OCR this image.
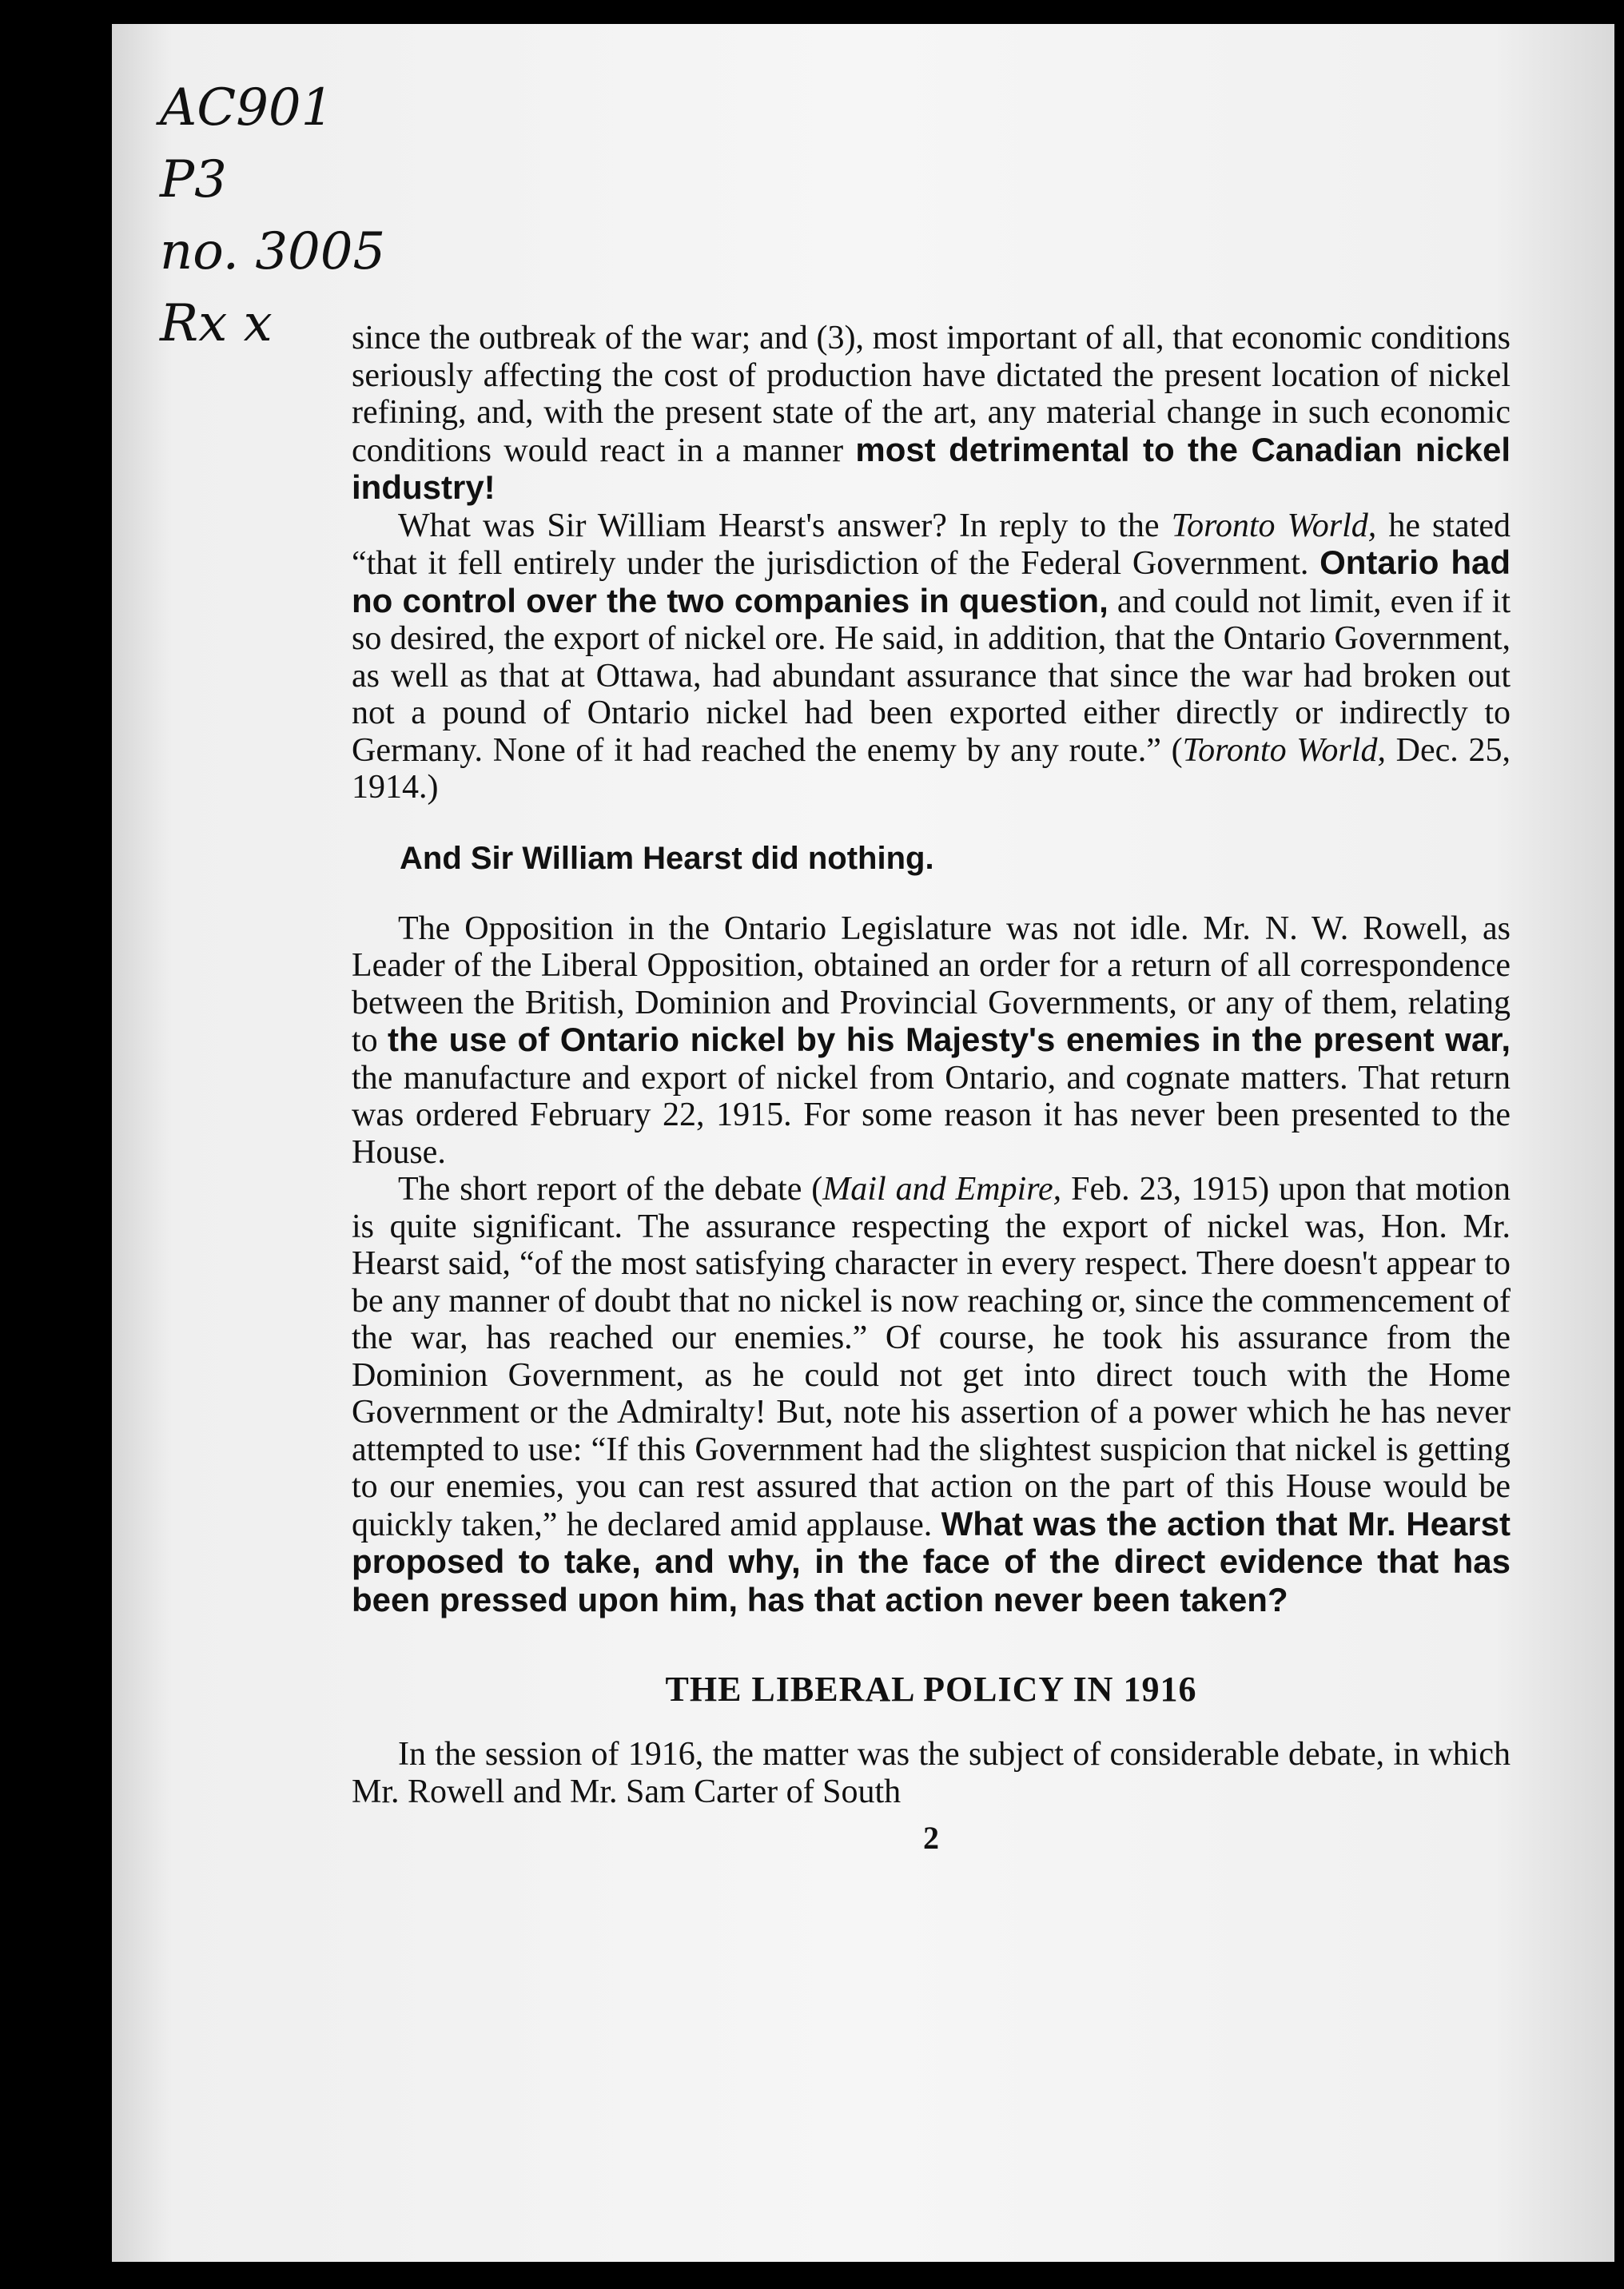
AC901
P3
no. 3005
Rx x	since the outbreak of the war; and (3), most important of all, that economic conditions seriously affecting the cost of production have dictated the present location of nickel refining, and, with the present state of the art, any material change in such economic conditions would react in a manner most detrimental to the Canadian nickel industry!

What was Sir William Hearst's answer? In reply to the Toronto World, he stated “that it fell entirely under the jurisdiction of the Federal Government. Ontario had no control over the two companies in question, and could not limit, even if it so desired, the export of nickel ore. He said, in addition, that the Ontario Government, as well as that at Ottawa, had abundant assurance that since the war had broken out not a pound of Ontario nickel had been exported either directly or indirectly to Germany. None of it had reached the enemy by any route.” (Toronto World, Dec. 25, 1914.)

And Sir William Hearst did nothing.

The Opposition in the Ontario Legislature was not idle. Mr. N. W. Rowell, as Leader of the Liberal Opposition, obtained an order for a return of all correspondence between the British, Dominion and Provincial Governments, or any of them, relating to the use of Ontario nickel by his Majesty's enemies in the present war, the manufacture and export of nickel from Ontario, and cognate matters. That return was ordered February 22, 1915. For some reason it has never been presented to the House.

The short report of the debate (Mail and Empire, Feb. 23, 1915) upon that motion is quite significant. The assurance respecting the export of nickel was, Hon. Mr. Hearst said, “of the most satisfying character in every respect. There doesn't appear to be any manner of doubt that no nickel is now reaching or, since the commencement of the war, has reached our enemies.” Of course, he took his assurance from the Dominion Government, as he could not get into direct touch with the Home Government or the Admiralty! But, note his assertion of a power which he has never attempted to use: “If this Government had the slightest suspicion that nickel is getting to our enemies, you can rest assured that action on the part of this House would be quickly taken,” he declared amid applause. What was the action that Mr. Hearst proposed to take, and why, in the face of the direct evidence that has been pressed upon him, has that action never been taken?

THE LIBERAL POLICY IN 1916

In the session of 1916, the matter was the subject of considerable debate, in which Mr. Rowell and Mr. Sam Carter of South

2
